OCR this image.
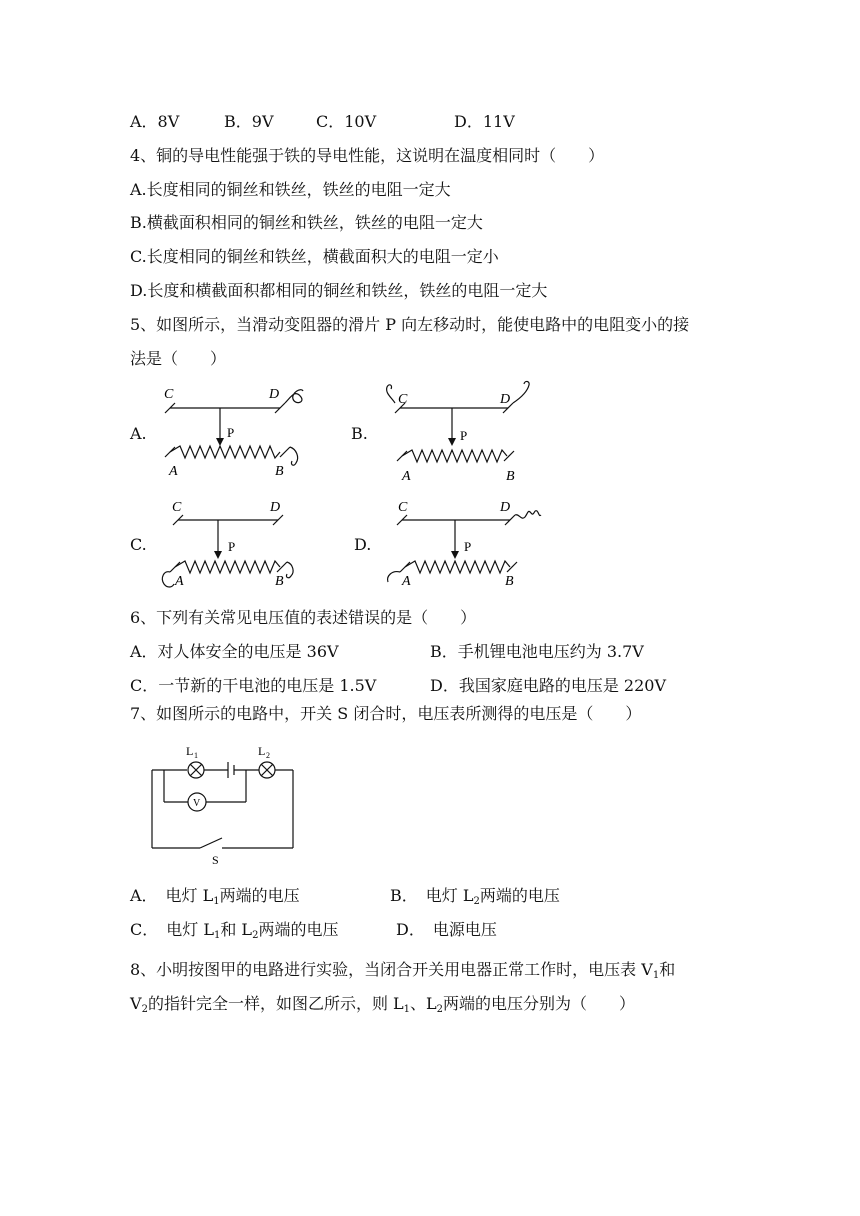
A．8V	B．9V	C．10V	D．11V
4、铜的导电性能强于铁的导电性能，这说明在温度相同时（　　）
A.长度相同的铜丝和铁丝，铁丝的电阻一定大
B.横截面积相同的铜丝和铁丝，铁丝的电阻一定大
C.长度相同的铜丝和铁丝，横截面积大的电阻一定小
D.长度和横截面积都相同的铜丝和铁丝，铁丝的电阻一定大
5、如图所示，当滑动变阻器的滑片 P 向左移动时，能使电路中的电阻变小的接
法是（　　）
A.	B.
C.	D.
C	D
P
A	B
C	D
P
A	B
C	D
P
A	B
C	D
P
A	B
6、下列有关常见电压值的表述错误的是（　　）
A．对人体安全的电压是 36V	B．手机锂电池电压约为 3.7V
C．一节新的干电池的电压是 1.5V	D．我国家庭电路的电压是 220V
7、如图所示的电路中，开关 S 闭合时，电压表所测得的电压是（　　）
L 1	L 2
V
S
A．　电灯 $L_1$两端的电压	B．　电灯 $L_2$两端的电压
C．　电灯 $L_1$和 $L_2$两端的电压	D．　电源电压
8、小明按图甲的电路进行实验，当闭合开关用电器正常工作时，电压表 $V_1$和
$V_2$的指针完全一样，如图乙所示，则 $L_1$、$L_2$两端的电压分别为（　　）
